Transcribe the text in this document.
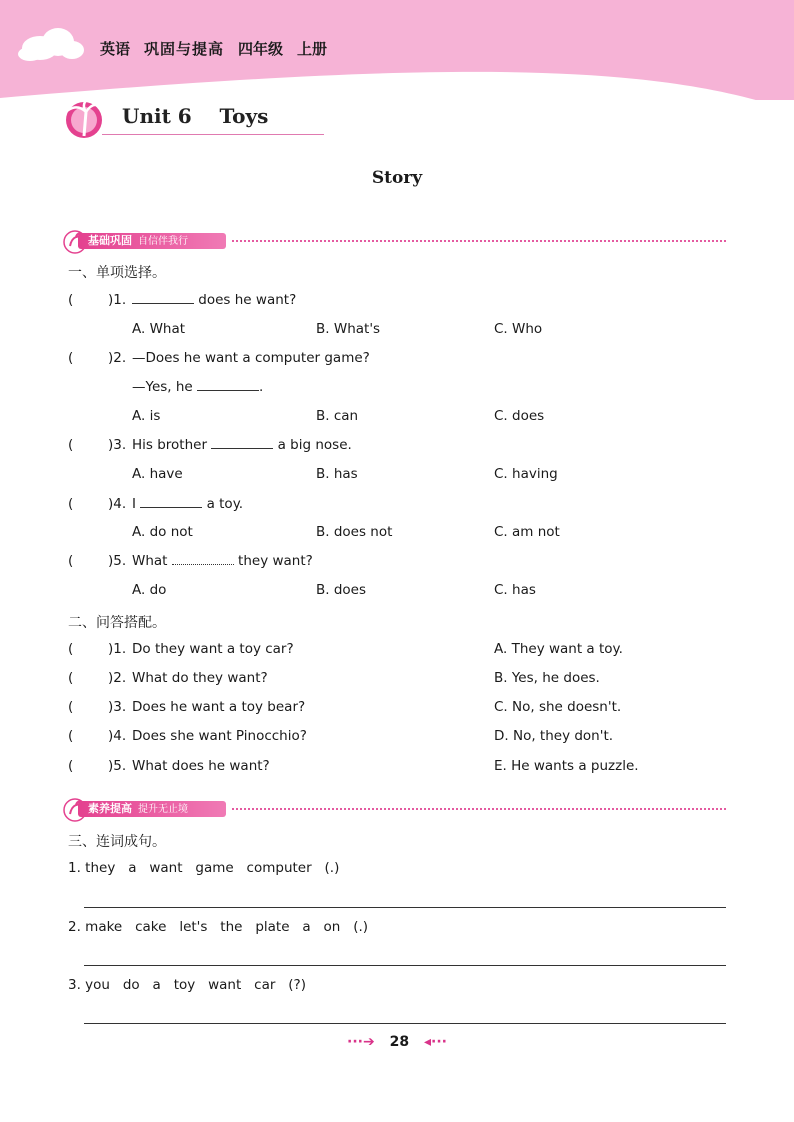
英语 巩固与提高 四年级 上册
Unit 6    Toys
Story
基础巩固 自信伴我行
一、单项选择。
(	)1.	does he want?
A. What	B. What's	C. Who
(	)2. —Does he want a computer game?
—Yes, he	.
A. is	B. can	C. does
(	)3. His brother	a big nose.
A. have	B. has	C. having
(	)4. I	a toy.
A. do not	B. does not	C. am not
(	)5. What	they want?
A. do	B. does	C. has
二、问答搭配。
(	)1. Do they want a toy car?	A. They want a toy.
(	)2. What do they want?	B. Yes, he does.
(	)3. Does he want a toy bear?	C. No, she doesn't.
(	)4. Does she want Pinocchio?	D. No, they don't.
(	)5. What does he want?	E. He wants a puzzle.
素养提高 提升无止境
三、连词成句。
1. they   a   want   game   computer   (.)
2. make   cake   let's   the   plate   a   on   (.)
3. you   do   a   toy   want   car   (?)
···➔ 28 ◂···
